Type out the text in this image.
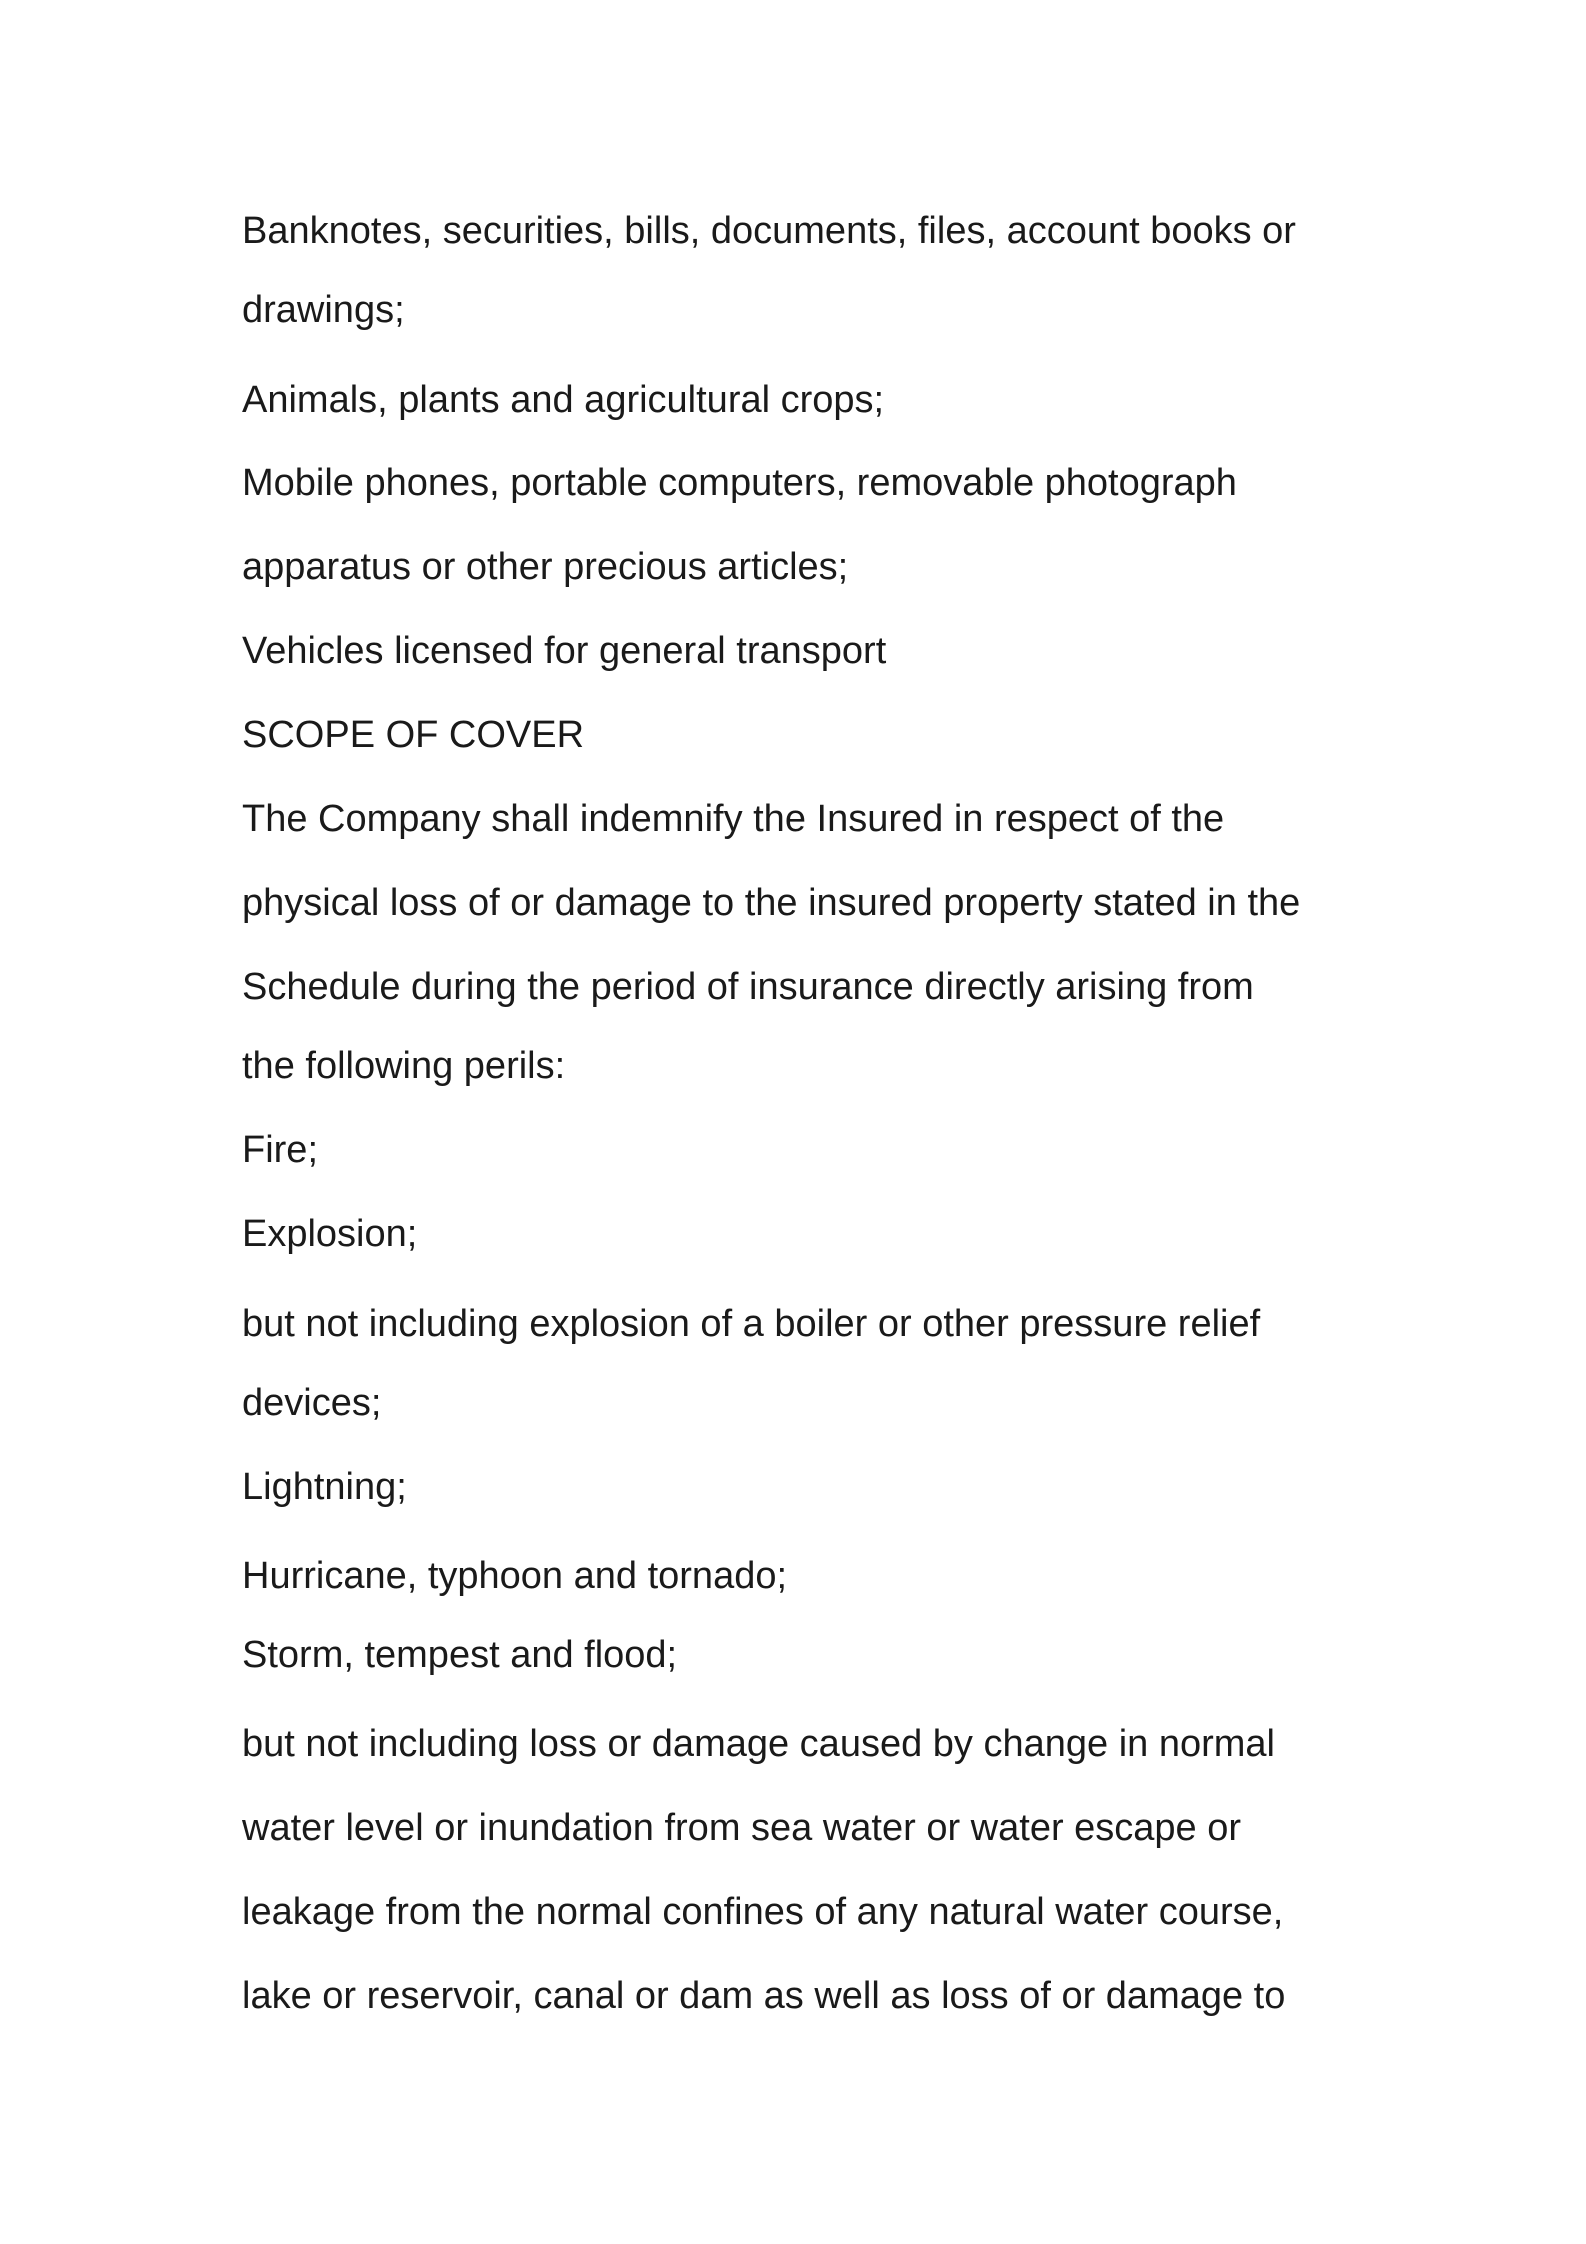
Banknotes, securities, bills, documents, files, account books or

drawings;

Animals, plants and agricultural crops;

Mobile phones, portable computers, removable photograph

apparatus or other precious articles;

Vehicles licensed for general transport

SCOPE OF COVER

The Company shall indemnify the Insured in respect of the

physical loss of or damage to the insured property stated in the

Schedule during the period of insurance directly arising from

the following perils:

Fire;

Explosion;

but not including explosion of a boiler or other pressure relief

devices;

Lightning;

Hurricane, typhoon and tornado;

Storm, tempest and flood;

but not including loss or damage caused by change in normal

water level or inundation from sea water or water escape or

leakage from the normal confines of any natural water course,

lake or reservoir, canal or dam as well as loss of or damage to
